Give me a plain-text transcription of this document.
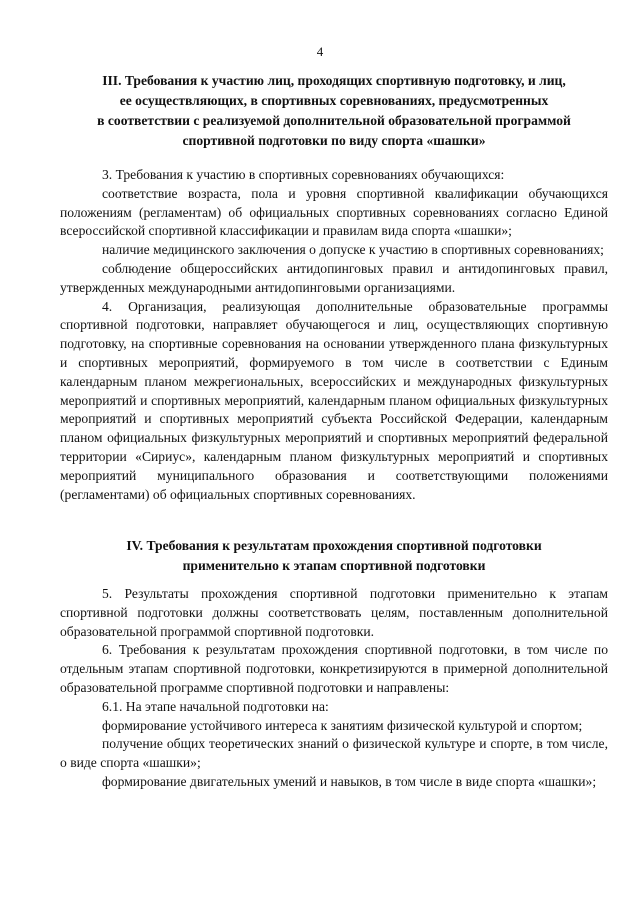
4
III. Требования к участию лиц, проходящих спортивную подготовку, и лиц,
ее осуществляющих, в спортивных соревнованиях, предусмотренных
в соответствии с реализуемой дополнительной образовательной программой
спортивной подготовки по виду спорта «шашки»

3. Требования к участию в спортивных соревнованиях обучающихся:

соответствие возраста, пола и уровня спортивной квалификации обучающихся положениям (регламентам) об официальных спортивных соревнованиях согласно Единой всероссийской спортивной классификации и правилам вида спорта «шашки»;

наличие медицинского заключения о допуске к участию в спортивных соревнованиях;

соблюдение общероссийских антидопинговых правил и антидопинговых правил, утвержденных международными антидопинговыми организациями.

4. Организация, реализующая дополнительные образовательные программы спортивной подготовки, направляет обучающегося и лиц, осуществляющих спортивную подготовку, на спортивные соревнования на основании утвержденного плана физкультурных и спортивных мероприятий, формируемого в том числе в соответствии с Единым календарным планом межрегиональных, всероссийских и международных физкультурных мероприятий и спортивных мероприятий, календарным планом официальных физкультурных мероприятий и спортивных мероприятий субъекта Российской Федерации, календарным планом официальных физкультурных мероприятий и спортивных мероприятий федеральной территории «Сириус», календарным планом физкультурных мероприятий и спортивных мероприятий муниципального образования и соответствующими положениями (регламентами) об официальных спортивных соревнованиях.

IV. Требования к результатам прохождения спортивной подготовки
применительно к этапам спортивной подготовки

5. Результаты прохождения спортивной подготовки применительно к этапам спортивной подготовки должны соответствовать целям, поставленным дополнительной образовательной программой спортивной подготовки.

6. Требования к результатам прохождения спортивной подготовки, в том числе по отдельным этапам спортивной подготовки, конкретизируются в примерной дополнительной образовательной программе спортивной подготовки и направлены:

6.1. На этапе начальной подготовки на:

формирование устойчивого интереса к занятиям физической культурой и спортом;

получение общих теоретических знаний о физической культуре и спорте, в том числе, о виде спорта «шашки»;

формирование двигательных умений и навыков, в том числе в виде спорта «шашки»;
